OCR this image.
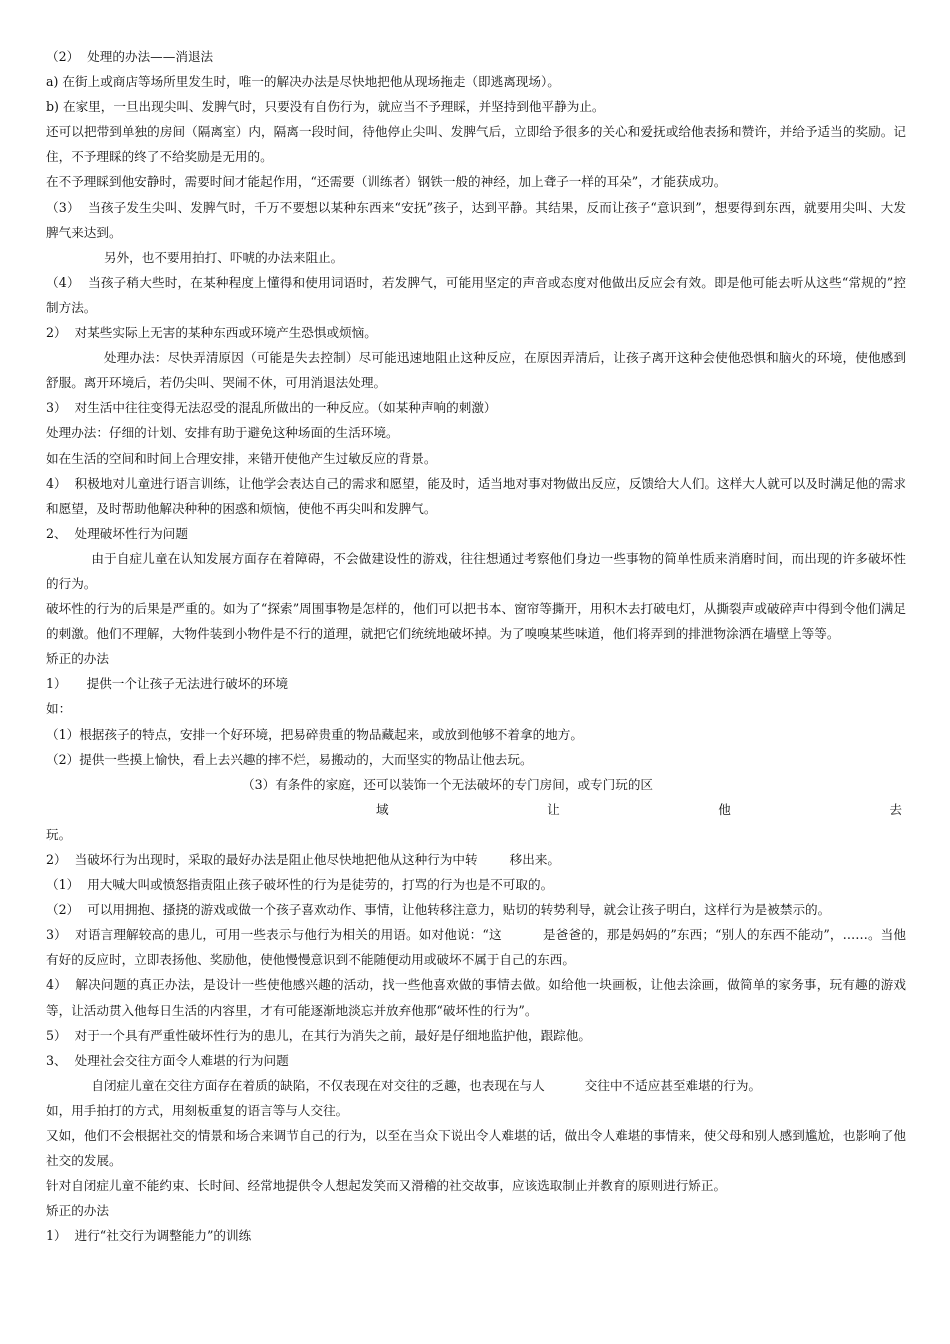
（2）  处理的办法——消退法

a) 在街上或商店等场所里发生时，唯一的解决办法是尽快地把他从现场拖走（即逃离现场）。

b) 在家里，一旦出现尖叫、发脾气时，只要没有自伤行为，就应当不予理睬，并坚持到他平静为止。

还可以把带到单独的房间（隔离室）内，隔离一段时间，待他停止尖叫、发脾气后，立即给予很多的关心和爱抚或给他表扬和赞许，并给予适当的奖励。记住，不予理睬的终了不给奖励是无用的。

在不予理睬到他安静时，需要时间才能起作用，“还需要（训练者）钢铁一般的神经，加上聋子一样的耳朵”，才能获成功。

（3）  当孩子发生尖叫、发脾气时，千万不要想以某种东西来“安抚”孩子，达到平静。其结果，反而让孩子“意识到”，想要得到东西，就要用尖叫、大发脾气来达到。

另外，也不要用拍打、吓唬的办法来阻止。

（4）  当孩子稍大些时，在某种程度上懂得和使用词语时，若发脾气，可能用坚定的声音或态度对他做出反应会有效。即是他可能去听从这些“常规的”控制方法。

2）  对某些实际上无害的某种东西或环境产生恐惧或烦恼。

处理办法：尽快弄清原因（可能是失去控制）尽可能迅速地阻止这种反应，在原因弄清后，让孩子离开这种会使他恐惧和脑火的环境，使他感到舒服。离开环境后，若仍尖叫、哭闹不休，可用消退法处理。

3）  对生活中往往变得无法忍受的混乱所做出的一种反应。（如某种声响的刺激）

处理办法：仔细的计划、安排有助于避免这种场面的生活环境。

如在生活的空间和时间上合理安排，来错开使他产生过敏反应的背景。

4）  积极地对儿童进行语言训练，让他学会表达自己的需求和愿望，能及时，适当地对事对物做出反应，反馈给大人们。这样大人就可以及时满足他的需求和愿望，及时帮助他解决种种的困惑和烦恼，使他不再尖叫和发脾气。

2、  处理破坏性行为问题

由于自症儿童在认知发展方面存在着障碍，不会做建设性的游戏，往往想通过考察他们身边一些事物的简单性质来消磨时间，而出现的许多破坏性的行为。

破坏性的行为的后果是严重的。如为了“探索”周围事物是怎样的，他们可以把书本、窗帘等撕开，用积木去打破电灯，从撕裂声或破碎声中得到令他们满足的刺激。他们不理解，大物件装到小物件是不行的道理，就把它们统统地破坏掉。为了嗅嗅某些味道，他们将弄到的排泄物涂洒在墙壁上等等。

矫正的办法

1）     提供一个让孩子无法进行破坏的环境

如：

（1）根据孩子的特点，安排一个好环境，把易碎贵重的物品藏起来，或放到他够不着拿的地方。

（2）提供一些摸上愉快，看上去兴趣的摔不烂，易搬动的，大而坚实的物品让他去玩。

（3）有条件的家庭，还可以装饰一个无法破坏的专门房间，或专门玩的区

域	让	他	去

玩。

2）  当破坏行为出现时，采取的最好办法是阻止他尽快地把他从这种行为中转        移出来。

（1）  用大喊大叫或愤怒指责阻止孩子破坏性的行为是徒劳的，打骂的行为也是不可取的。

（2）  可以用拥抱、搔挠的游戏或做一个孩子喜欢动作、事情，让他转移注意力，贴切的转势利导，就会让孩子明白，这样行为是被禁示的。

3）  对语言理解较高的患儿，可用一些表示与他行为相关的用语。如对他说：“这          是爸爸的，那是妈妈的”东西；“别人的东西不能动”，……。当他有好的反应时，立即表扬他、奖励他，使他慢慢意识到不能随便动用或破坏不属于自己的东西。

4）  解决问题的真正办法，是设计一些使他感兴趣的活动，找一些他喜欢做的事情去做。如给他一块画板，让他去涂画，做简单的家务事，玩有趣的游戏等，让活动贯入他每日生活的内容里，才有可能逐渐地淡忘并放弃他那“破坏性的行为”。

5）  对于一个具有严重性破坏性行为的患儿，在其行为消失之前，最好是仔细地监护他，跟踪他。

3、  处理社会交往方面令人难堪的行为问题

自闭症儿童在交往方面存在着质的缺陷，不仅表现在对交往的乏趣，也表现在与人          交往中不适应甚至难堪的行为。

如，用手拍打的方式，用刻板重复的语言等与人交往。

又如，他们不会根据社交的情景和场合来调节自己的行为，以至在当众下说出令人难堪的话，做出令人难堪的事情来，使父母和别人感到尴尬，也影响了他社交的发展。

针对自闭症儿童不能约束、长时间、经常地提供令人想起发笑而又滑稽的社交故事，应该选取制止并教育的原则进行矫正。

矫正的办法

1）  进行“社交行为调整能力”的训练
